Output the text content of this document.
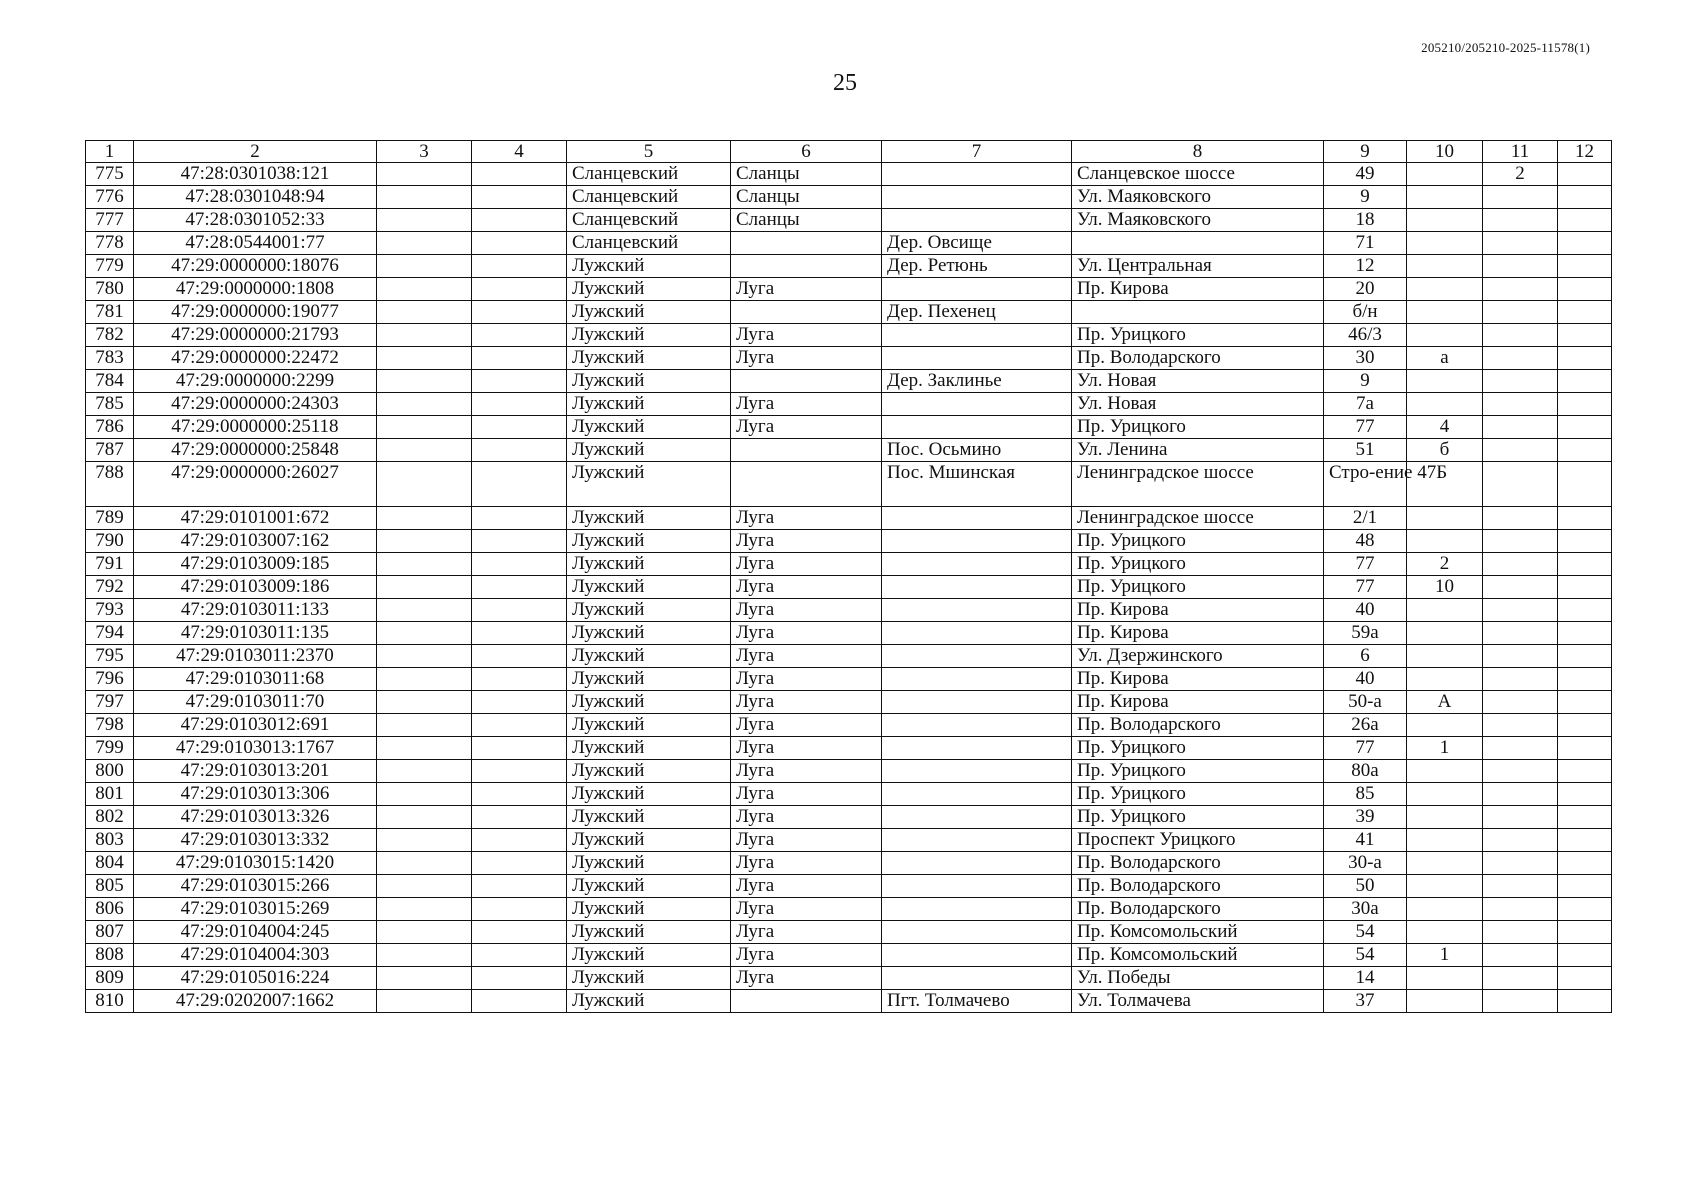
205210/205210-2025-11578(1)
25
1	2	3	4	5	6	7	8	9	10	11	12
775	47:28:0301038:121			Сланцевский	Сланцы		Сланцевское шоссе	49		2	
776	47:28:0301048:94			Сланцевский	Сланцы		Ул. Маяковского	9			
777	47:28:0301052:33			Сланцевский	Сланцы		Ул. Маяковского	18			
778	47:28:0544001:77			Сланцевский		Дер. Овсище		71			
779	47:29:0000000:18076			Лужский		Дер. Ретюнь	Ул. Центральная	12			
780	47:29:0000000:1808			Лужский	Луга		Пр. Кирова	20			
781	47:29:0000000:19077			Лужский		Дер. Пехенец		б/н			
782	47:29:0000000:21793			Лужский	Луга		Пр. Урицкого	46/3			
783	47:29:0000000:22472			Лужский	Луга		Пр. Володарского	30	а		
784	47:29:0000000:2299			Лужский		Дер. Заклинье	Ул. Новая	9			
785	47:29:0000000:24303			Лужский	Луга		Ул. Новая	7а			
786	47:29:0000000:25118			Лужский	Луга		Пр. Урицкого	77	4		
787	47:29:0000000:25848			Лужский		Пос. Осьмино	Ул. Ленина	51	б		
788	47:29:0000000:26027			Лужский		Пос. Мшинская	Ленинградское шоссе	Стро-ение 47Б			
789	47:29:0101001:672			Лужский	Луга		Ленинградское шоссе	2/1			
790	47:29:0103007:162			Лужский	Луга		Пр. Урицкого	48			
791	47:29:0103009:185			Лужский	Луга		Пр. Урицкого	77	2		
792	47:29:0103009:186			Лужский	Луга		Пр. Урицкого	77	10		
793	47:29:0103011:133			Лужский	Луга		Пр. Кирова	40			
794	47:29:0103011:135			Лужский	Луга		Пр. Кирова	59а			
795	47:29:0103011:2370			Лужский	Луга		Ул. Дзержинского	6			
796	47:29:0103011:68			Лужский	Луга		Пр. Кирова	40			
797	47:29:0103011:70			Лужский	Луга		Пр. Кирова	50-а	А		
798	47:29:0103012:691			Лужский	Луга		Пр. Володарского	26а			
799	47:29:0103013:1767			Лужский	Луга		Пр. Урицкого	77	1		
800	47:29:0103013:201			Лужский	Луга		Пр. Урицкого	80а			
801	47:29:0103013:306			Лужский	Луга		Пр. Урицкого	85			
802	47:29:0103013:326			Лужский	Луга		Пр. Урицкого	39			
803	47:29:0103013:332			Лужский	Луга		Проспект Урицкого	41			
804	47:29:0103015:1420			Лужский	Луга		Пр. Володарского	30-а			
805	47:29:0103015:266			Лужский	Луга		Пр. Володарского	50			
806	47:29:0103015:269			Лужский	Луга		Пр. Володарского	30а			
807	47:29:0104004:245			Лужский	Луга		Пр. Комсомольский	54			
808	47:29:0104004:303			Лужский	Луга		Пр. Комсомольский	54	1		
809	47:29:0105016:224			Лужский	Луга		Ул. Победы	14			
810	47:29:0202007:1662			Лужский		Пгт. Толмачево	Ул. Толмачева	37			
